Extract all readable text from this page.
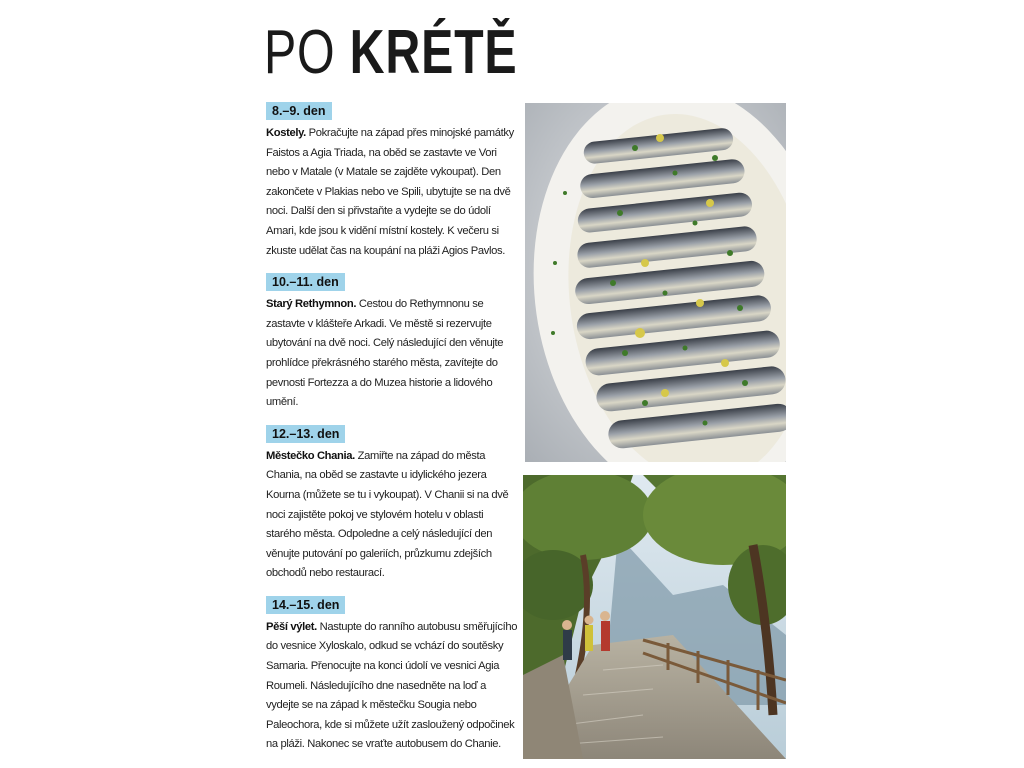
PO KRÉTĚ
8.–9. den

Kostely. Pokračujte na západ přes minojské památky Faistos a Agia Triada, na oběd se zastavte ve Vori nebo v Matale (v Matale se zajděte vykoupat). Den zakončete v Plakias nebo ve Spili, ubytujte se na dvě noci. Další den si přivstaňte a vydejte se do údolí Amari, kde jsou k vidění místní kostely. K večeru si zkuste udělat čas na koupání na pláži Agios Pavlos.

10.–11. den

Starý Rethymnon. Cestou do Rethymnonu se zastavte v klášteře Arkadi. Ve městě si rezervujte ubytování na dvě noci. Celý následující den věnujte prohlídce překrásného starého města, zavítejte do pevnosti Fortezza a do Muzea historie a lidového umění.

12.–13. den

Městečko Chania. Zamiřte na západ do města Chania, na oběd se zastavte u idylického jezera Kourna (můžete se tu i vykoupat). V Chanii si na dvě noci zajistěte pokoj ve stylovém hotelu v oblasti starého města. Odpoledne a celý následující den věnujte putování po galeriích, průzkumu zdejších obchodů nebo restaurací.

14.–15. den

Pěší výlet. Nastupte do ranního autobusu směřujícího do vesnice Xyloskalo, odkud se vchází do soutěsky Samaria. Přenocujte na konci údolí ve vesnici Agia Roumeli. Následujícího dne nasedněte na loď a vydejte se na západ k městečku Sougia nebo Paleochora, kde si můžete užít zasloužený odpočinek na pláži. Nakonec se vraťte autobusem do Chanie.
